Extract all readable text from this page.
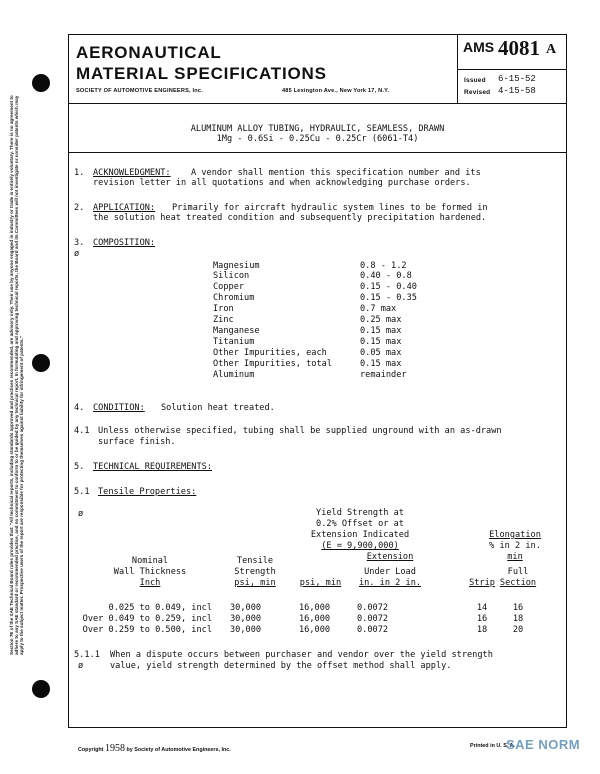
Section 7E of the SAE Technical Board rules provides that: "All technical reports, including standards approved and practices recommended, are advisory only. Their use by anyone engaged in industry or trade is entirely voluntary. There is no agreement to adhere to any SAE standard or recommended practice, and no commitment to conform to or be guided by any technical report. In formulating and approving technical reports, the Board and its Committees will not investigate or consider patents which may apply to the subject matter. Prospective users of the report are responsible for protecting themselves against liability for infringement of patents."
AERONAUTICAL
MATERIAL SPECIFICATIONS
SOCIETY OF AUTOMOTIVE ENGINEERS, Inc.	485 Lexington Ave., New York 17, N.Y.
AMS 4081 A
Issued 6-15-52
Revised 4-15-58
ALUMINUM ALLOY TUBING, HYDRAULIC, SEAMLESS, DRAWN
1Mg - 0.6Si - 0.25Cu - 0.25Cr (6061-T4)
1. ACKNOWLEDGMENT: A vendor shall mention this specification number and its
revision letter in all quotations and when acknowledging purchase orders.
2. APPLICATION: Primarily for aircraft hydraulic system lines to be formed in
the solution heat treated condition and subsequently precipitation hardened.
3. COMPOSITION:
ø
Magnesium	0.8 - 1.2
Silicon	0.40 - 0.8
Copper	0.15 - 0.40
Chromium	0.15 - 0.35
Iron	0.7 max
Zinc	0.25 max
Manganese	0.15 max
Titanium	0.15 max
Other Impurities, each	0.05 max
Other Impurities, total	0.15 max
Aluminum	remainder
4. CONDITION: Solution heat treated.
4.1 Unless otherwise specified, tubing shall be supplied unground with an as-drawn
surface finish.
5. TECHNICAL REQUIREMENTS:
5.1 Tensile Properties:
ø	Yield Strength at
0.2% Offset or at
Extension Indicated
(E = 9,900,000)
Elongation
% in 2 in.
min
Nominal	Tensile	Extension
Wall Thickness	Strength	Under Load	Full
Inch	psi, min	psi, min	in. in 2 in.	Strip Section
0.025 to 0.049, incl 30,000	16,000	0.0072	14	16
Over 0.049 to 0.259, incl 30,000	16,000	0.0072	16	18
Over 0.259 to 0.500, incl 30,000	16,000	0.0072	18	20
5.1.1 When a dispute occurs between purchaser and vendor over the yield strength
ø	value, yield strength determined by the offset method shall apply.
Copyright 1958 by Society of Automotive Engineers, Inc.
Printed in U. S. A.
SAE NORM
